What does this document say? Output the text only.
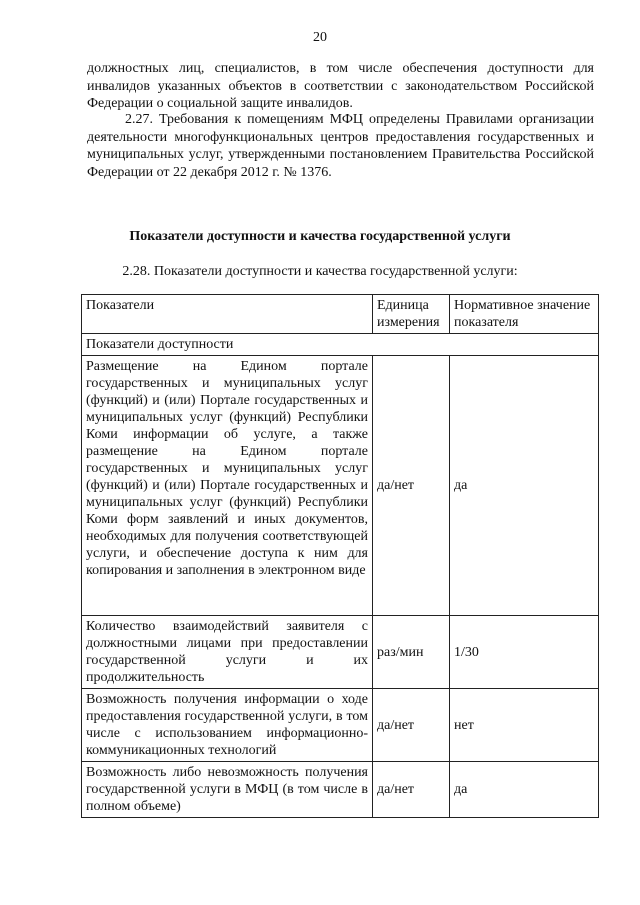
20
должностных лиц, специалистов, в том числе обеспечения доступности для инвалидов указанных объектов в соответствии с законодательством Российской Федерации о социальной защите инвалидов.
2.27. Требования к помещениям МФЦ определены Правилами организации деятельности многофункциональных центров предоставления государственных и муниципальных услуг, утвержденными постановлением Правительства Российской Федерации от 22 декабря 2012 г. № 1376.
Показатели доступности и качества государственной услуги
2.28. Показатели доступности и качества государственной услуги:
Показатели	Единица измерения	Нормативное значение показателя
Показатели доступности		
Размещение на Едином портале государственных и муниципальных услуг (функций) и (или) Портале государственных и муниципальных услуг (функций) Республики Коми информации об услуге, а также размещение на Едином портале государственных и муниципальных услуг (функций) и (или) Портале государственных и муниципальных услуг (функций) Республики Коми форм заявлений и иных документов, необходимых для получения соответствующей услуги, и обеспечение доступа к ним для копирования и заполнения в электронном виде	да/нет	да
Количество взаимодействий заявителя с должностными лицами при предоставлении государственной услуги и их продолжительность	раз/мин	1/30
Возможность получения информации о ходе предоставления государственной услуги, в том числе с использованием информационно-коммуникационных технологий	да/нет	нет
Возможность либо невозможность получения государственной услуги в МФЦ (в том числе в полном объеме)	да/нет	да
